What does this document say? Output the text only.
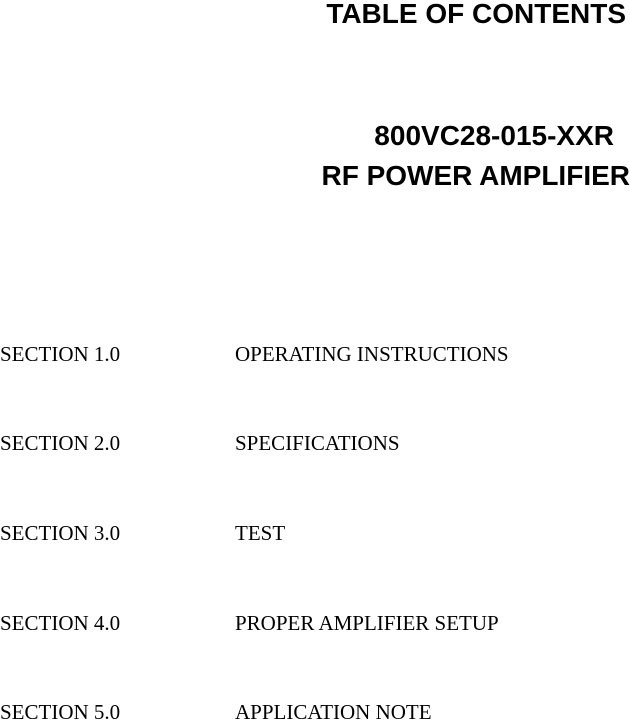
TABLE OF CONTENTS
800VC28-015-XXR
RF POWER AMPLIFIER
SECTION 1.0	OPERATING INSTRUCTIONS
SECTION 2.0	SPECIFICATIONS
SECTION 3.0	TEST
SECTION 4.0	PROPER AMPLIFIER SETUP
SECTION 5.0	APPLICATION NOTE
